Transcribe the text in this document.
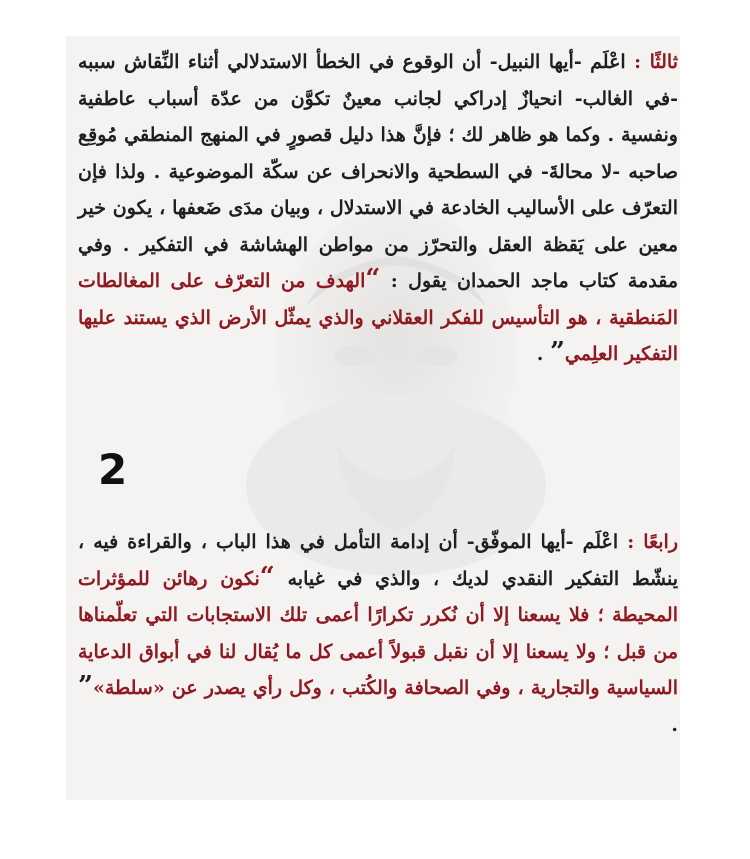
ثالثًا : اعْلَم -أيها النبيل- أن الوقوع في الخطأ الاستدلالي أثناء النِّقاش سببه -في الغالب- انحيازٌ إدراكي لجانب معينٌ تكوَّن من عدّة أسباب عاطفية ونفسية . وكما هو ظاهر لك ؛ فإنَّ هذا دليل قصورٍ في المنهج المنطقي مُوقِع صاحبه -لا محالةَ- في السطحية والانحراف عن سكّة الموضوعية . ولذا فإن التعرّف على الأساليب الخادعة في الاستدلال ، وبيان مدَى ضَعفها ، يكون خير معين على يَقظة العقل والتحرّز من مواطن الهشاشة في التفكير . وفي مقدمة كتاب ماجد الحمدان يقول : “الهدف من التعرّف على المغالطات المَنطقية ، هو التأسيس للفكر العقلاني والذي يمثّل الأرض الذي يستند عليها التفكير العلِمي” .

2

رابعًا : اعْلَم -أيها الموفّق- أن إدامة التأمل في هذا الباب ، والقراءة فيه ، ينشّط التفكير النقدي لديك ، والذي في غيابه “نكون رهائن للمؤثرات المحيطة ؛ فلا يسعنا إلا أن نُكرر تكرارًا أعمى تلك الاستجابات التي تعلّمناها من قبل ؛ ولا يسعنا إلا أن نقبل قبولاً أعمى كل ما يُقال لنا في أبواق الدعاية السياسية والتجارية ، وفي الصحافة والكُتب ، وكل رأي يصدر عن «سلطة»” .
